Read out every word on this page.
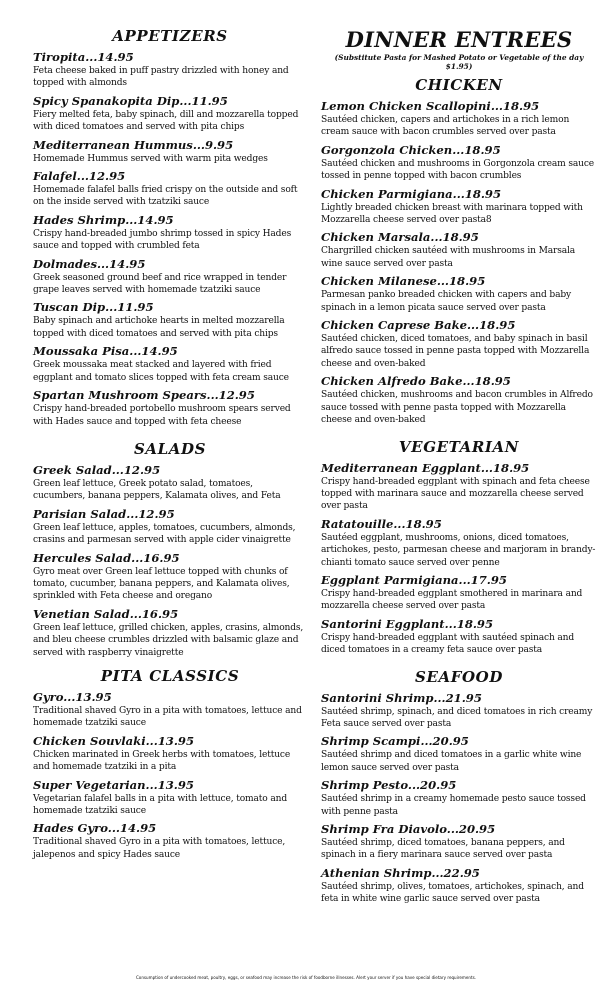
APPETIZERS
Tiropita...14.95
Feta cheese baked in puff pastry drizzled with honey and topped with almonds
Spicy Spanakopita Dip...11.95
Fiery melted feta, baby spinach, dill and mozzarella topped with diced tomatoes and served with pita chips
Mediterranean Hummus...9.95
Homemade Hummus served with warm pita wedges
Falafel...12.95
Homemade falafel balls fried crispy on the outside and soft on the inside served with tzatziki sauce
Hades Shrimp...14.95
Crispy hand-breaded jumbo shrimp tossed in spicy Hades sauce and topped with crumbled feta
Dolmades...14.95
Greek seasoned ground beef and rice wrapped in tender grape leaves served with homemade tzatziki sauce
Tuscan Dip...11.95
Baby spinach and artichoke hearts in melted mozzarella topped with diced tomatoes and served with pita chips
Moussaka Pisa...14.95
Greek moussaka meat stacked and layered with fried eggplant and tomato slices topped with feta cream sauce
Spartan Mushroom Spears...12.95
Crispy hand-breaded portobello mushroom spears served with Hades sauce and topped with feta cheese
SALADS
Greek Salad...12.95
Green leaf lettuce, Greek potato salad, tomatoes, cucumbers, banana peppers, Kalamata olives, and Feta
Parisian Salad...12.95
Green leaf lettuce, apples, tomatoes, cucumbers, almonds, crasins and parmesan served with apple cider vinaigrette
Hercules Salad...16.95
Gyro meat over Green leaf lettuce topped with chunks of tomato, cucumber, banana peppers, and Kalamata olives, sprinkled with Feta cheese and oregano
Venetian Salad...16.95
Green leaf lettuce, grilled chicken, apples, crasins, almonds, and bleu cheese crumbles drizzled with balsamic glaze and served with raspberry vinaigrette
PITA CLASSICS
Gyro...13.95
Traditional shaved Gyro in a pita with tomatoes, lettuce and homemade tzatziki sauce
Chicken Souvlaki...13.95
Chicken marinated in Greek herbs with tomatoes, lettuce and homemade tzatziki in a pita
Super Vegetarian...13.95
Vegetarian falafel balls in a pita with lettuce, tomato and homemade tzatziki sauce
Hades Gyro...14.95
Traditional shaved Gyro in a pita with tomatoes, lettuce, jalepenos and spicy Hades sauce
DINNER ENTREES

(Substitute Pasta for Mashed Potato or Vegetable of the day $1.95)

CHICKEN
Lemon Chicken Scallopini...18.95
Sautéed chicken, capers and artichokes in a rich lemon cream sauce with bacon crumbles served over pasta
Gorgonzola Chicken...18.95
Sautéed chicken and mushrooms in Gorgonzola cream sauce tossed in penne topped with bacon crumbles
Chicken Parmigiana...18.95
Lightly breaded chicken breast with marinara topped with Mozzarella cheese served over pasta8
Chicken Marsala...18.95
Chargrilled chicken sautéed with mushrooms in Marsala wine sauce served over pasta
Chicken Milanese...18.95
Parmesan panko breaded chicken with capers and baby spinach in a lemon picata sauce served over pasta
Chicken Caprese Bake...18.95
Sautéed chicken, diced tomatoes, and baby spinach in basil alfredo sauce tossed in penne pasta topped with Mozzarella cheese and oven-baked
Chicken Alfredo Bake...18.95
Sautéed chicken, mushrooms and bacon crumbles in Alfredo sauce tossed with penne pasta topped with Mozzarella cheese and oven-baked
VEGETARIAN
Mediterranean Eggplant...18.95
Crispy hand-breaded eggplant with spinach and feta cheese topped with marinara sauce and mozzarella cheese served over pasta
Ratatouille...18.95
Sautéed eggplant, mushrooms, onions, diced tomatoes, artichokes, pesto, parmesan cheese and marjoram in brandy-chianti tomato sauce served over penne
Eggplant Parmigiana...17.95
Crispy hand-breaded eggplant smothered in marinara and mozzarella cheese served over pasta
Santorini Eggplant...18.95
Crispy hand-breaded eggplant with sautéed spinach and diced tomatoes in a creamy feta sauce over pasta
SEAFOOD
Santorini Shrimp...21.95
Sautéed shrimp, spinach, and diced tomatoes in rich creamy Feta sauce served over pasta
Shrimp Scampi...20.95
Sautéed shrimp and diced tomatoes in a garlic white wine lemon sauce served over pasta
Shrimp Pesto...20.95
Sautéed shrimp in a creamy homemade pesto sauce tossed with penne pasta
Shrimp Fra Diavolo...20.95
Sautéed shrimp, diced tomatoes, banana peppers, and spinach in a fiery marinara sauce served over pasta
Athenian Shrimp...22.95
Sautéed shrimp, olives, tomatoes, artichokes, spinach, and feta in white wine garlic sauce served over pasta
Consumption of undercooked meat, poultry, eggs, or seafood may increase the risk of foodborne illnesses. Alert your server if you have special dietary requirements.
